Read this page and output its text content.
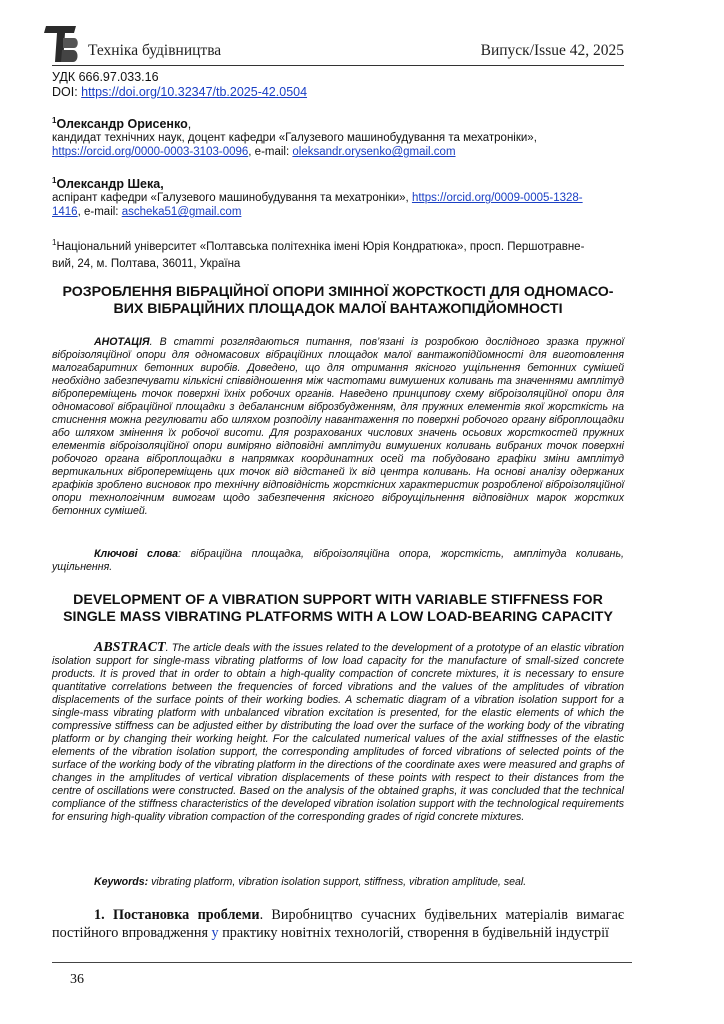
Техніка будівництва	Випуск/Issue 42, 2025
УДК 666.97.033.16
DOI: https://doi.org/10.32347/tb.2025-42.0504
$^1$Олександр Орисенко,
кандидат технічних наук, доцент кафедри «Галузевого машинобудування та мехатроніки»,
https://orcid.org/0000-0003-3103-0096, e-mail: oleksandr.orysenko@gmail.com
$^1$Олександр Шека,
аспірант кафедри «Галузевого машинобудування та мехатроніки», https://orcid.org/0009-0005-1328-
1416, e-mail: ascheka51@gmail.com
$^1$Національний університет «Полтавська політехніка імені Юрія Кондратюка», просп. Першотравне-
вий, 24, м. Полтава, 36011, Україна
РОЗРОБЛЕННЯ ВІБРАЦІЙНОЇ ОПОРИ ЗМІННОЇ ЖОРСТКОСТІ ДЛЯ ОДНОМАСО-
ВИХ ВІБРАЦІЙНИХ ПЛОЩАДОК МАЛОЇ ВАНТАЖОПІДЙОМНОСТІ
АНОТАЦІЯ. В статті розглядаються питання, пов’язані із розробкою дослідного зразка пружної віброізоляційної опори для одномасових вібраційних площадок малої вантажопідйомності для виготовлення малогабаритних бетонних виробів. Доведено, що для отримання якісного ущільнення бетонних сумішей необхідно забезпечувати кількісні співвідношення між частотами вимушених коливань та значеннями амплітуд віброперемiщень точок поверхні їхніх робочих органів. Наведено принципову схему віброізоляційної опори для одномасової вібраційної площадки з дебалансним вiброзбудженням, для пружних елементів якої жорсткість на стиснення можна регулювати або шляхом розподілу навантаження по поверхні робочого органу віброплощадки або шляхом змінення їх робочої висоти. Для розрахованих числових значень осьових жорсткостей пружних елементів віброізоляційної опори виміряно відповідні амплітуди вимушених коливань вибраних точок поверхні робочого органа віброплощадки в напрямках координатних осей та побудовано графіки зміни амплітуд вертикальних віброперемiщень цих точок від відстаней їх від центра коливань. На основі аналізу одержаних графіків зроблено висновок про технічну відповідність жорсткісних характеристик розробленої віброізоляційної опори технологічним вимогам щодо забезпечення якісного віброущільнення відповідних марок жорстких бетонних сумішей.
Ключові слова: вібраційна площадка, віброізоляційна опора, жорсткість, амплітуда коливань, ущільнення.
DEVELOPMENT OF A VIBRATION SUPPORT WITH VARIABLE STIFFNESS FOR
SINGLE MASS VIBRATING PLATFORMS WITH A LOW LOAD-BEARING CAPACITY
ABSTRACT. The article deals with the issues related to the development of a prototype of an elastic vibration isolation support for single-mass vibrating platforms of low load capacity for the manufacture of small-sized concrete products. It is proved that in order to obtain a high-quality compaction of concrete mixtures, it is necessary to ensure quantitative correlations between the frequencies of forced vibrations and the values of the amplitudes of vibration displacements of the surface points of their working bodies. A schematic diagram of a vibration isolation support for a single-mass vibrating platform with unbalanced vibration excitation is presented, for the elastic elements of which the compressive stiffness can be adjusted either by distributing the load over the surface of the working body of the vibrating platform or by changing their working height. For the calculated numerical values of the axial stiffnesses of the elastic elements of the vibration isolation support, the corresponding amplitudes of forced vibrations of selected points of the surface of the working body of the vibrating platform in the directions of the coordinate axes were measured and graphs of changes in the amplitudes of vertical vibration displacements of these points with respect to their distances from the centre of oscillations were constructed. Based on the analysis of the obtained graphs, it was concluded that the technical compliance of the stiffness characteristics of the developed vibration isolation support with the technological requirements for ensuring high-quality vibration compaction of the corresponding grades of rigid concrete mixtures.
Keywords: vibrating platform, vibration isolation support, stiffness, vibration amplitude, seal.
1. Постановка проблеми. Виробництво сучасних будівельних матеріалів вимагає постійного впровадження у практику новітніх технологій, створення в будівельній індустрії
36
